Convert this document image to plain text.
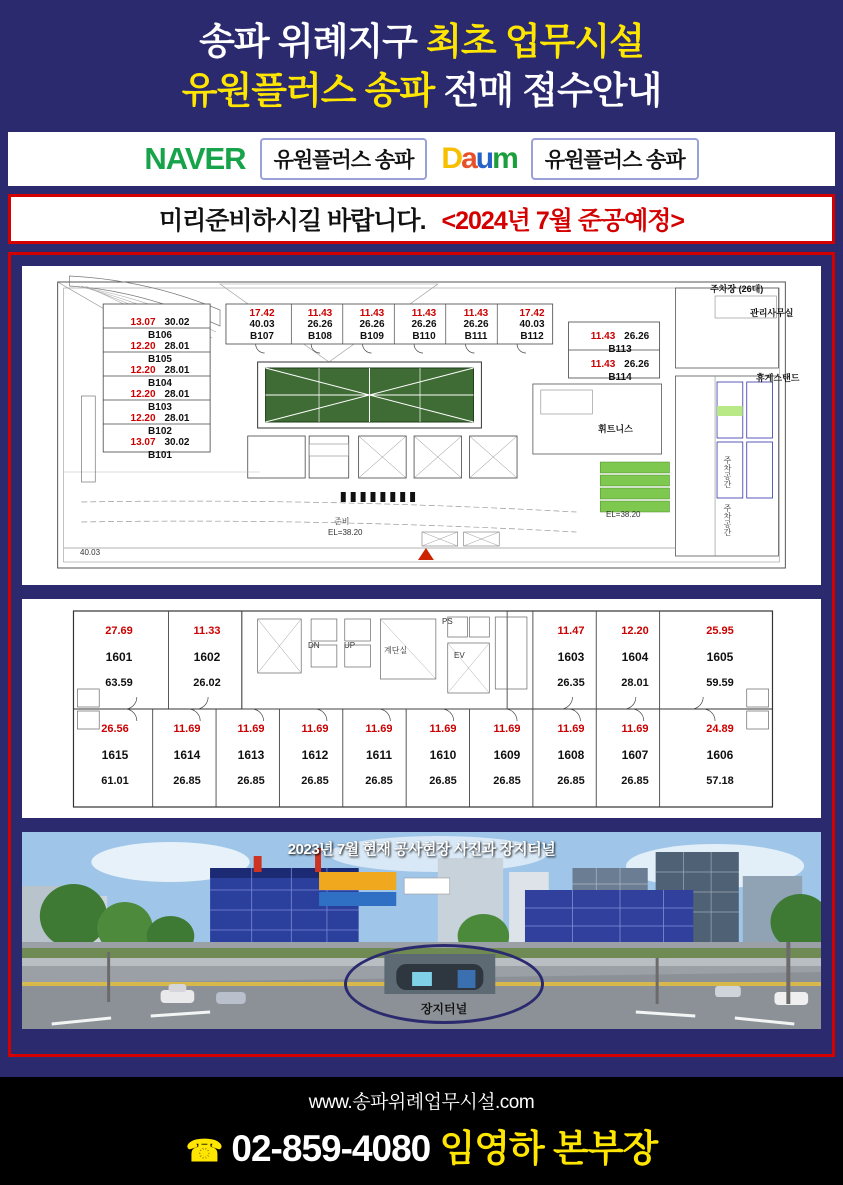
송파 위례지구 최초 업무시설
유원플러스 송파 전매 접수안내
NAVER	유원플러스 송파 Daum	유원플러스 송파
미리준비하시길 바랍니다. <2024년 7월 준공예정>
13.07 30.02
B106
12.20 28.01
B105
12.20 28.01
B104
12.20 28.01
B103
12.20 28.01
B102
13.07 30.02
B101
17.42
40.03
B107
11.43
26.26
B108
11.43
26.26
B109
11.43
26.26
B110
11.43
26.26
B111
17.42
40.03
B112	11.43 26.26
B113
11.43 26.26
B114
주차장 (26대)
관리사무실
휴게스탠드
휘트니스
준비
EL=38.20
EL=38.20
40.03
주차공간
주차공간
27.69
1601
63.59
11.33
1602
26.02
11.47
1603
26.35
12.20
1604
28.01
25.95
1605
59.59
26.56
1615
61.01
11.69
1614
26.85
11.69
1613
26.85
11.69
1612
26.85
11.69
1611
26.85
11.69
1610
26.85
11.69
1609
26.85
11.69
1608
26.85
11.69
1607
26.85
24.89
1606
57.18
DN	UP
계단실
EV
PS
2023년 7월 현재 공사현장 사진과 장지터널
장지터널
www.송파위례업무시설.com
☎ 02-859-4080 임영하 본부장
